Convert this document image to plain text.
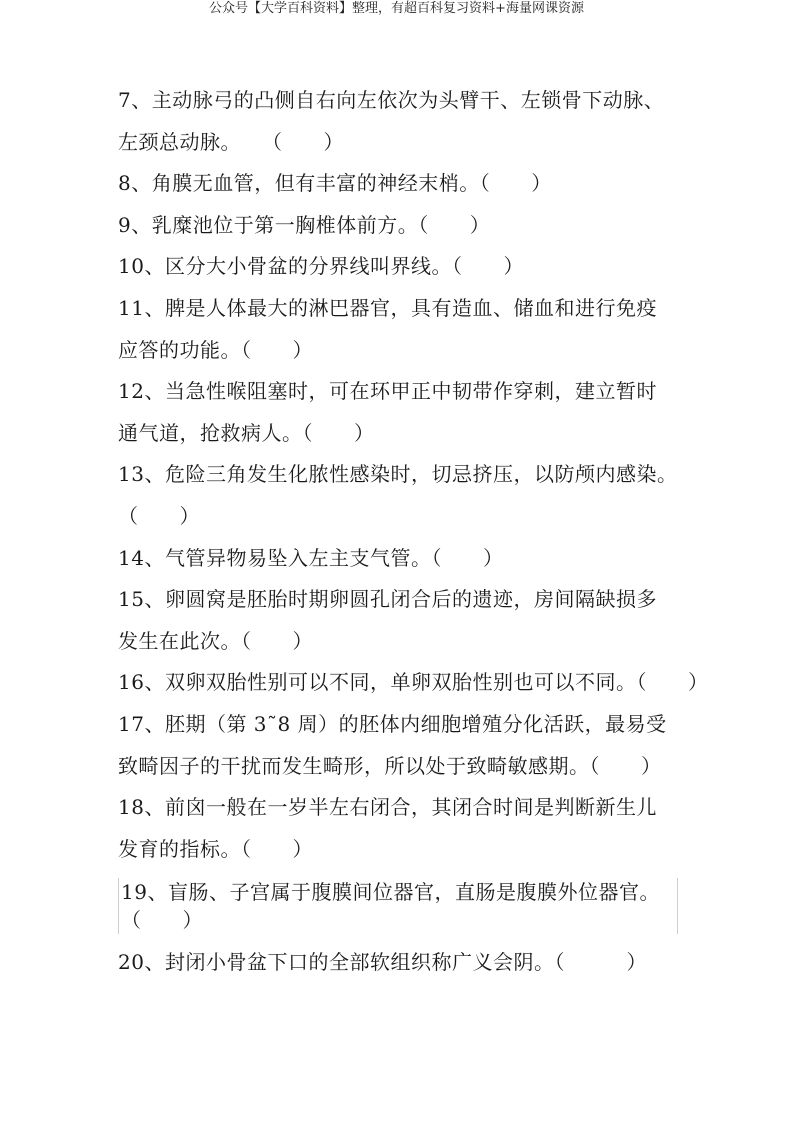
公众号【大学百科资料】整理，有超百科复习资料+海量网课资源
7、主动脉弓的凸侧自右向左依次为头臂干、左锁骨下动脉、
左颈总动脉。　　（　　）
8、角膜无血管，但有丰富的神经末梢。（　　）
9、乳糜池位于第一胸椎体前方。（　　）
10、区分大小骨盆的分界线叫界线。（　　）
11、脾是人体最大的淋巴器官，具有造血、储血和进行免疫
应答的功能。（　　）
12、当急性喉阻塞时，可在环甲正中韧带作穿刺，建立暂时
通气道，抢救病人。（　　）
13、危险三角发生化脓性感染时，切忌挤压，以防颅内感染。
（　　）
14、气管异物易坠入左主支气管。（　　）
15、卵圆窝是胚胎时期卵圆孔闭合后的遗迹，房间隔缺损多
发生在此次。（　　）
16、双卵双胎性别可以不同，单卵双胎性别也可以不同。（　　）
17、胚期（第 3˜8 周）的胚体内细胞增殖分化活跃，最易受
致畸因子的干扰而发生畸形，所以处于致畸敏感期。（　　）
18、前囟一般在一岁半左右闭合，其闭合时间是判断新生儿
发育的指标。（　　）
19、盲肠、子宫属于腹膜间位器官，直肠是腹膜外位器官。
（　　）
20、封闭小骨盆下口的全部软组织称广义会阴。（　　　）
